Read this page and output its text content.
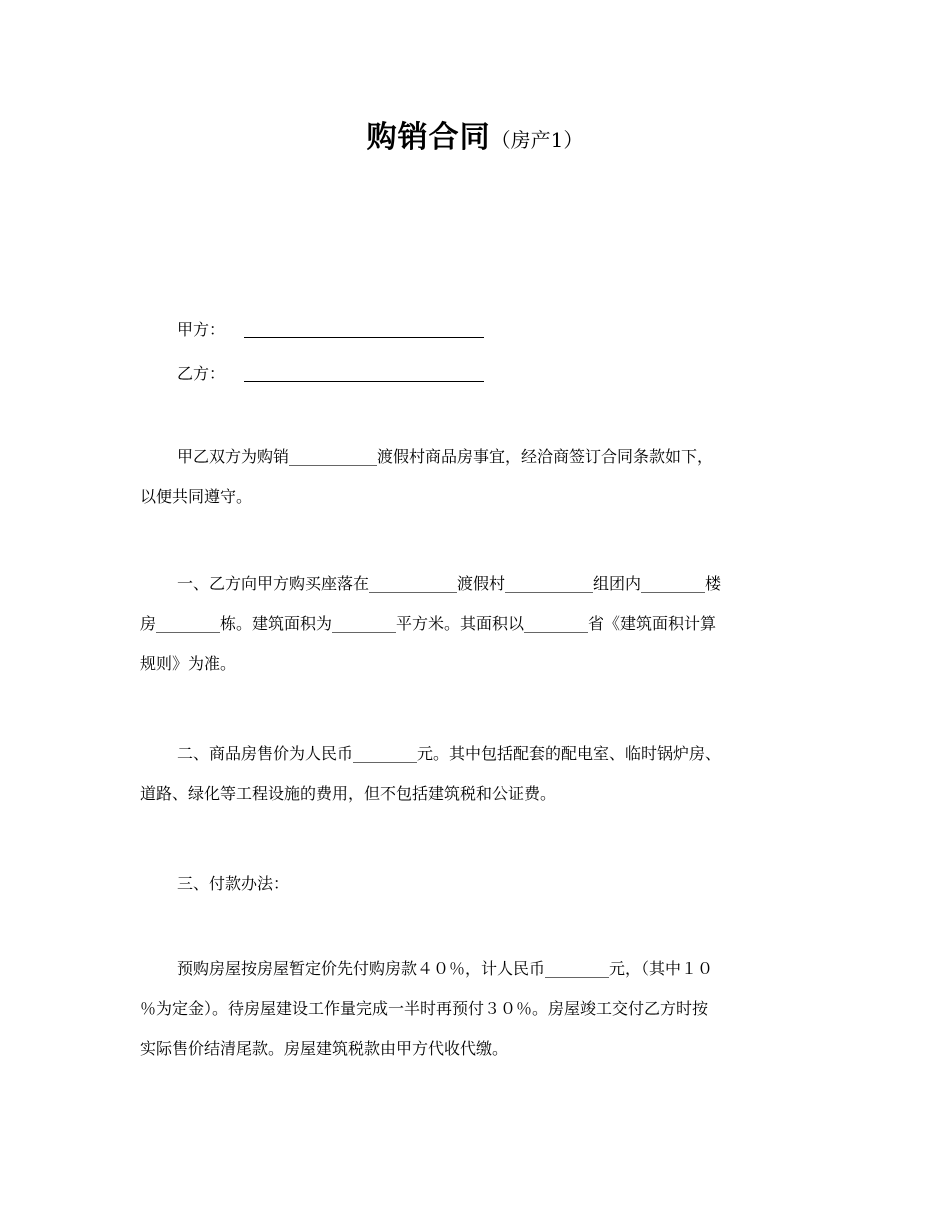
购销合同（房产1）
甲方：
乙方：
甲乙双方为购销___________渡假村商品房事宜，经洽商签订合同条款如下，
以便共同遵守。
一、乙方向甲方购买座落在___________渡假村___________组团内________楼
房________栋。建筑面积为________平方米。其面积以________省《建筑面积计算
规则》为准。
二、商品房售价为人民币________元。其中包括配套的配电室、临时锅炉房、
道路、绿化等工程设施的费用，但不包括建筑税和公证费。
三、付款办法：
预购房屋按房屋暂定价先付购房款４０％，计人民币________元，（其中１０
％为定金）。待房屋建设工作量完成一半时再预付３０％。房屋竣工交付乙方时按
实际售价结清尾款。房屋建筑税款由甲方代收代缴。
